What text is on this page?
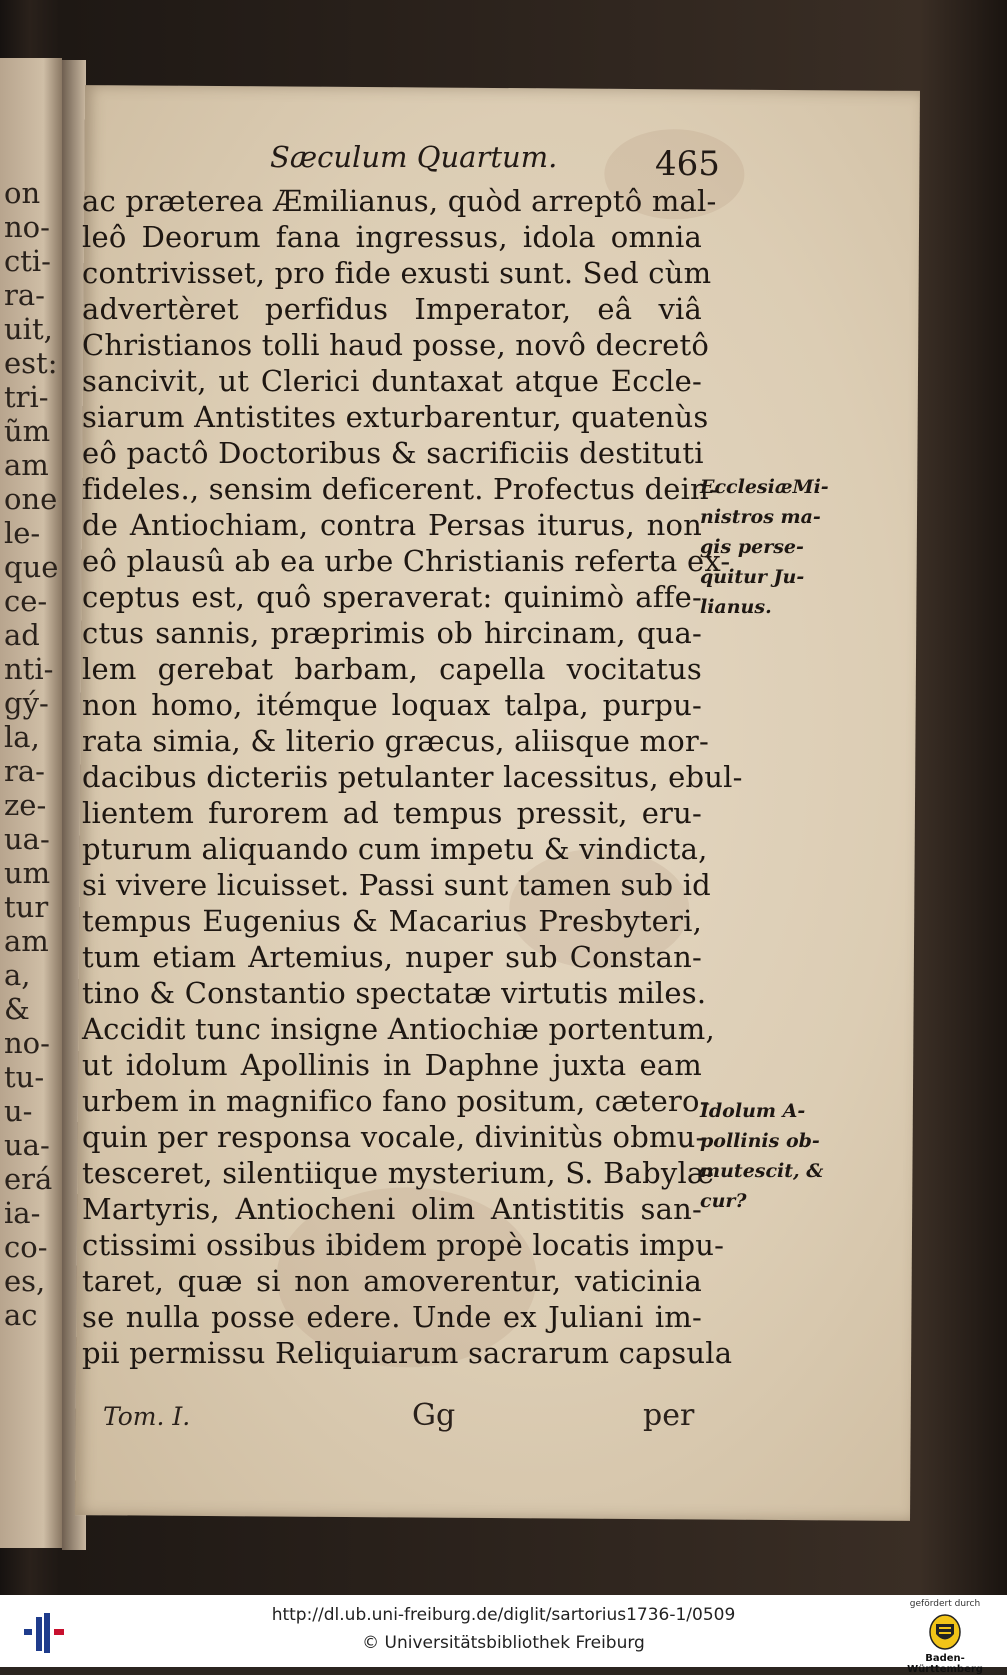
on
no-
cti-
ra-
uit,
est:
tri-
ũm
am
one
le-
que
ce-
ad
nti-
gý-
la,
ra-
ze-
ua-
um
tur
am
a,
&
no-
tu-
u-
ua-
erá
ia-
co-
es,
ac
Sæculum Quartum.	465
ac præterea Æmilianus, quòd arreptô mal-
leô Deorum fana ingressus, idola omnia
contrivisset, pro fide exusti sunt. Sed cùm
advertèret perfidus Imperator, eâ viâ
Christianos tolli haud posse, novô decretô
sancivit, ut Clerici duntaxat atque Eccle-
siarum Antistites exturbarentur, quatenùs
eô pactô Doctoribus & sacrificiis destituti
fideles., sensim deficerent. Profectus dein-
de Antiochiam, contra Persas iturus, non
eô plausû ab ea urbe Christianis referta ex-
ceptus est, quô speraverat: quinimò affe-
ctus sannis, præprimis ob hircinam, qua-
lem gerebat barbam, capella vocitatus
non homo, itémque loquax talpa, purpu-
rata simia, & literio græcus, aliisque mor-
dacibus dicteriis petulanter lacessitus, ebul-
lientem furorem ad tempus pressit, eru-
pturum aliquando cum impetu & vindicta,
si vivere licuisset. Passi sunt tamen sub id
tempus Eugenius & Macarius Presbyteri,
tum etiam Artemius, nuper sub Constan-
tino & Constantio spectatæ virtutis miles.
Accidit tunc insigne Antiochiæ portentum,
ut idolum Apollinis in Daphne juxta eam
urbem in magnifico fano positum, cætero-
quin per responsa vocale, divinitùs obmu-
tesceret, silentiique mysterium, S. Babylæ
Martyris, Antiocheni olim Antistitis san-
ctissimi ossibus ibidem propè locatis impu-
taret, quæ si non amoverentur, vaticinia
se nulla posse edere. Unde ex Juliani im-
pii permissu Reliquiarum sacrarum capsula
EcclesiæMi-
nistros ma-
gis perse-
quitur Ju-
lianus.
Idolum A-
pollinis ob-
mutescit, &
cur?
Tom. I.	Gg	per
http://dl.ub.uni-freiburg.de/diglit/sartorius1736-1/0509
© Universitätsbibliothek Freiburg
gefördert durch
Baden-Württemberg
